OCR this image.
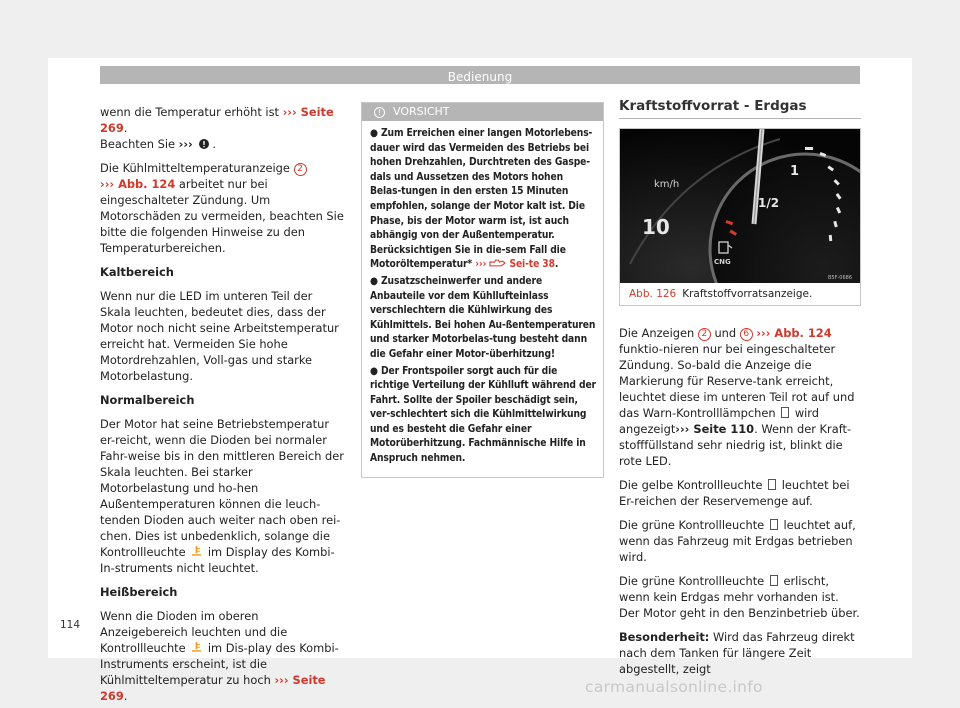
Bedienung

wenn die Temperatur erhöht ist ››› Seite 269.
Beachten Sie ››› .

Die Kühlmitteltemperaturanzeige 2
››› Abb. 124 arbeitet nur bei eingeschalteter Zündung. Um Motorschäden zu vermeiden, beachten Sie bitte die folgenden Hinweise zu den Temperaturbereichen.

Kaltbereich

Wenn nur die LED im unteren Teil der Skala leuchten, bedeutet dies, dass der Motor noch nicht seine Arbeitstemperatur erreicht hat. Vermeiden Sie hohe Motordrehzahlen, Voll-gas und starke Motorbelastung.

Normalbereich

Der Motor hat seine Betriebstemperatur er-reicht, wenn die Dioden bei normaler Fahr-weise bis in den mittleren Bereich der Skala leuchten. Bei starker Motorbelastung und ho-hen Außentemperaturen können die leuch-tenden Dioden auch weiter nach oben rei-chen. Dies ist unbedenklich, solange die Kontrollleuchte im Display des Kombi-In-struments nicht leuchtet.

Heißbereich

Wenn die Dioden im oberen Anzeigebereich leuchten und die Kontrollleuchte im Dis-play des Kombi-Instruments erscheint, ist die Kühlmitteltemperatur zu hoch ››› Seite 269.

! VORSICHT
● Zum Erreichen einer langen Motorlebens-dauer wird das Vermeiden des Betriebs bei hohen Drehzahlen, Durchtreten des Gaspe-dals und Aussetzen des Motors hohen Belas-tungen in den ersten 15 Minuten empfohlen, solange der Motor kalt ist. Die Phase, bis der Motor warm ist, ist auch abhängig von der Außentemperatur. Berücksichtigen Sie in die-sem Fall die Motoröltemperatur* ››› Sei-te 38.
● Zusatzscheinwerfer und andere Anbauteile vor dem Kühllufteinlass verschlechtern die Kühlwirkung des Kühlmittels. Bei hohen Au-ßentemperaturen und starker Motorbelas-tung besteht dann die Gefahr einer Motor-überhitzung!
● Der Frontspoiler sorgt auch für die richtige Verteilung der Kühlluft während der Fahrt. Sollte der Spoiler beschädigt sein, ver-schlechtert sich die Kühlmittelwirkung und es besteht die Gefahr einer Motorüberhitzung. Fachmännische Hilfe in Anspruch nehmen.
Kraftstoffvorrat - Erdgas
km/h
10
1
1/2
CNG
B5F-0686
Abb. 126 Kraftstoffvorratsanzeige.

Die Anzeigen 2 und 6 ››› Abb. 124 funktio-nieren nur bei eingeschalteter Zündung. So-bald die Anzeige die Markierung für Reserve-tank erreicht, leuchtet diese im unteren Teil rot auf und das Warn-Kontrolllämpchen wird angezeigt››› Seite 110. Wenn der Kraft-stofffüllstand sehr niedrig ist, blinkt die rote LED.

Die gelbe Kontrollleuchte leuchtet bei Er-reichen der Reservemenge auf.

Die grüne Kontrollleuchte leuchtet auf, wenn das Fahrzeug mit Erdgas betrieben wird.

Die grüne Kontrollleuchte erlischt, wenn kein Erdgas mehr vorhanden ist. Der Motor geht in den Benzinbetrieb über.

Besonderheit: Wird das Fahrzeug direkt nach dem Tanken für längere Zeit abgestellt, zeigt

114
carmanualsonline.info
